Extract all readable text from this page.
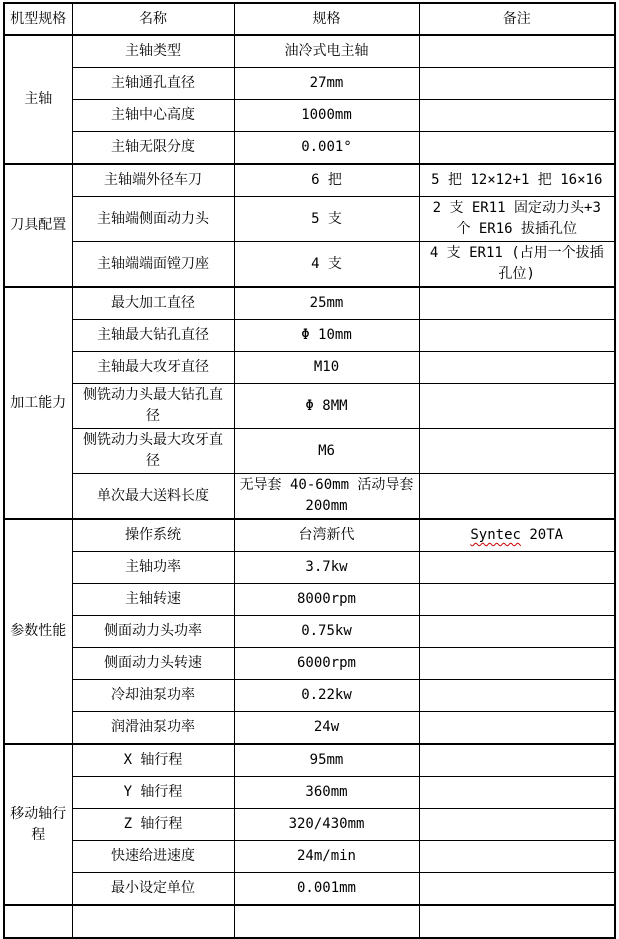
机型规格	名称	规格	备注
主轴	主轴类型	油冷式电主轴	
	主轴通孔直径	27mm	
	主轴中心高度	1000mm	
	主轴无限分度	0.001°	
刀具配置	主轴端外径车刀	6 把	5 把 12×12+1 把 16×16
	主轴端侧面动力头	5 支	2 支 ER11 固定动力头+3 个 ER16 拔插孔位
	主轴端端面镗刀座	4 支	4 支 ER11 (占用一个拔插孔位)
加工能力	最大加工直径	25mm	
	主轴最大钻孔直径	Φ 10mm	
	主轴最大攻牙直径	M10	
	侧铣动力头最大钻孔直径	Φ 8MM	
	侧铣动力头最大攻牙直径	M6	
	单次最大送料长度	无导套 40-60mm 活动导套 200mm	
参数性能	操作系统	台湾新代	Syntec 20TA
	主轴功率	3.7kw	
	主轴转速	8000rpm	
	侧面动力头功率	0.75kw	
	侧面动力头转速	6000rpm	
	冷却油泵功率	0.22kw	
	润滑油泵功率	24w	
移动轴行程	X 轴行程	95mm	
	Y 轴行程	360mm	
	Z 轴行程	320/430mm	
	快速给进速度	24m/min	
	最小设定单位	0.001mm	
